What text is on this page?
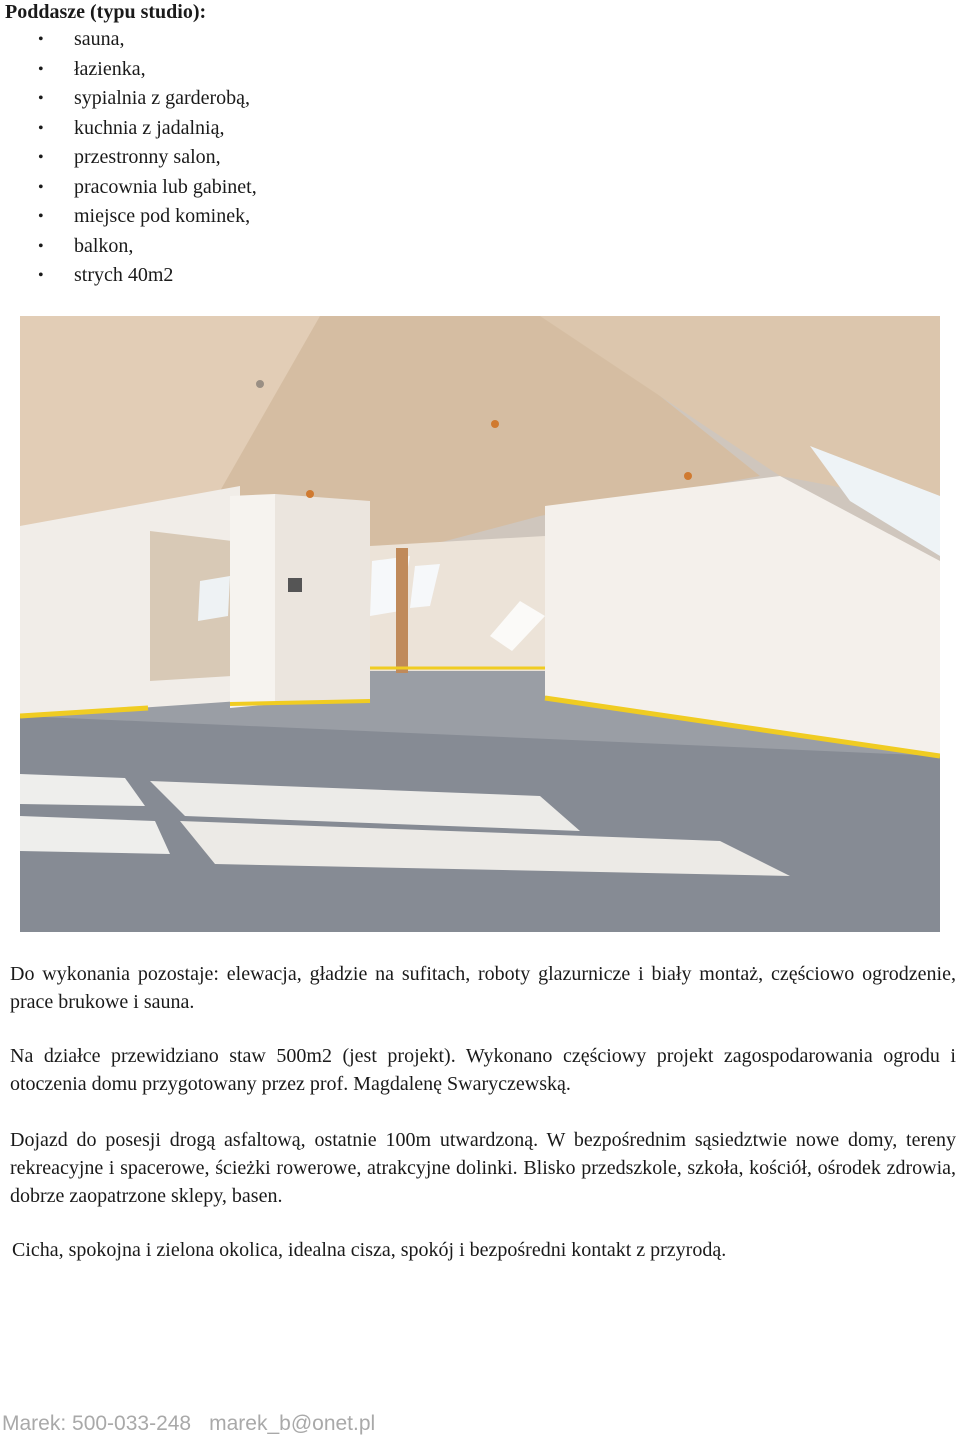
Poddasze (typu studio):
• sauna,
• łazienka,
• sypialnia z garderobą,
• kuchnia z jadalnią,
• przestronny salon,
• pracownia lub gabinet,
• miejsce pod kominek,
• balkon,
• strych 40m2

Do wykonania pozostaje: elewacja, gładzie na sufitach, roboty glazurnicze i biały montaż, częściowo ogrodzenie, prace brukowe i sauna.

Na działce przewidziano staw 500m2 (jest projekt). Wykonano częściowy projekt zagospodarowania ogrodu i otoczenia domu przygotowany przez prof. Magdalenę Swaryczewską.

Dojazd do posesji drogą asfaltową, ostatnie 100m utwardzoną. W bezpośrednim sąsiedztwie nowe domy, tereny rekreacyjne i spacerowe, ścieżki rowerowe, atrakcyjne dolinki. Blisko przedszkole, szkoła, kościół, ośrodek zdrowia, dobrze zaopatrzone sklepy, basen.

Cicha, spokojna i zielona okolica, idealna cisza, spokój i bezpośredni kontakt z przyrodą.

Marek: 500-033-248 marek_b@onet.pl
